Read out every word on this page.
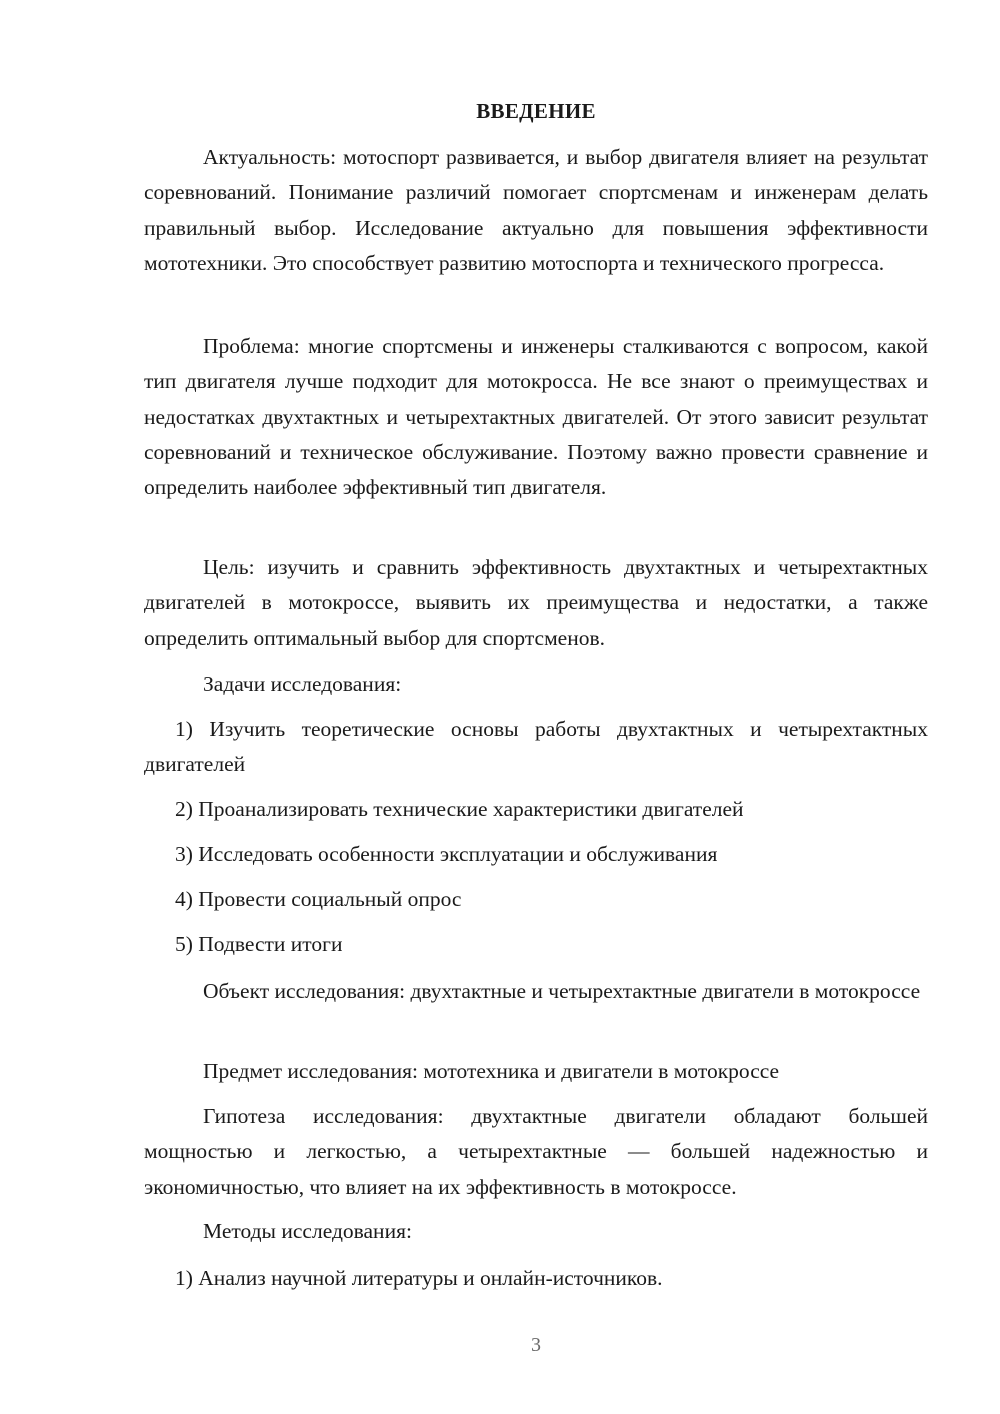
ВВЕДЕНИЕ

Актуальность: мотоспорт развивается, и выбор двигателя влияет на результат соревнований. Понимание различий помогает спортсменам и инженерам делать правильный выбор. Исследование актуально для повышения эффективности мототехники. Это способствует развитию мотоспорта и технического прогресса.

Проблема: многие спортсмены и инженеры сталкиваются с вопросом, какой тип двигателя лучше подходит для мотокросса. Не все знают о преимуществах и недостатках двухтактных и четырехтактных двигателей. От этого зависит результат соревнований и техническое обслуживание. Поэтому важно провести сравнение и определить наиболее эффективный тип двигателя.

Цель: изучить и сравнить эффективность двухтактных и четырехтактных двигателей в мотокроссе, выявить их преимущества и недостатки, а также определить оптимальный выбор для спортсменов.

Задачи исследования:

1) Изучить теоретические основы работы двухтактных и четырехтактных двигателей

2) Проанализировать технические характеристики двигателей
3) Исследовать особенности эксплуатации и обслуживания
4) Провести социальный опрос
5) Подвести итоги

Объект исследования: двухтактные и четырехтактные двигатели в мотокроссе

Предмет исследования: мототехника и двигатели в мотокроссе

Гипотеза исследования: двухтактные двигатели обладают большей мощностью и легкостью, а четырехтактные — большей надежностью и экономичностью, что влияет на их эффективность в мотокроссе.

Методы исследования:
1) Анализ научной литературы и онлайн-источников.
3
